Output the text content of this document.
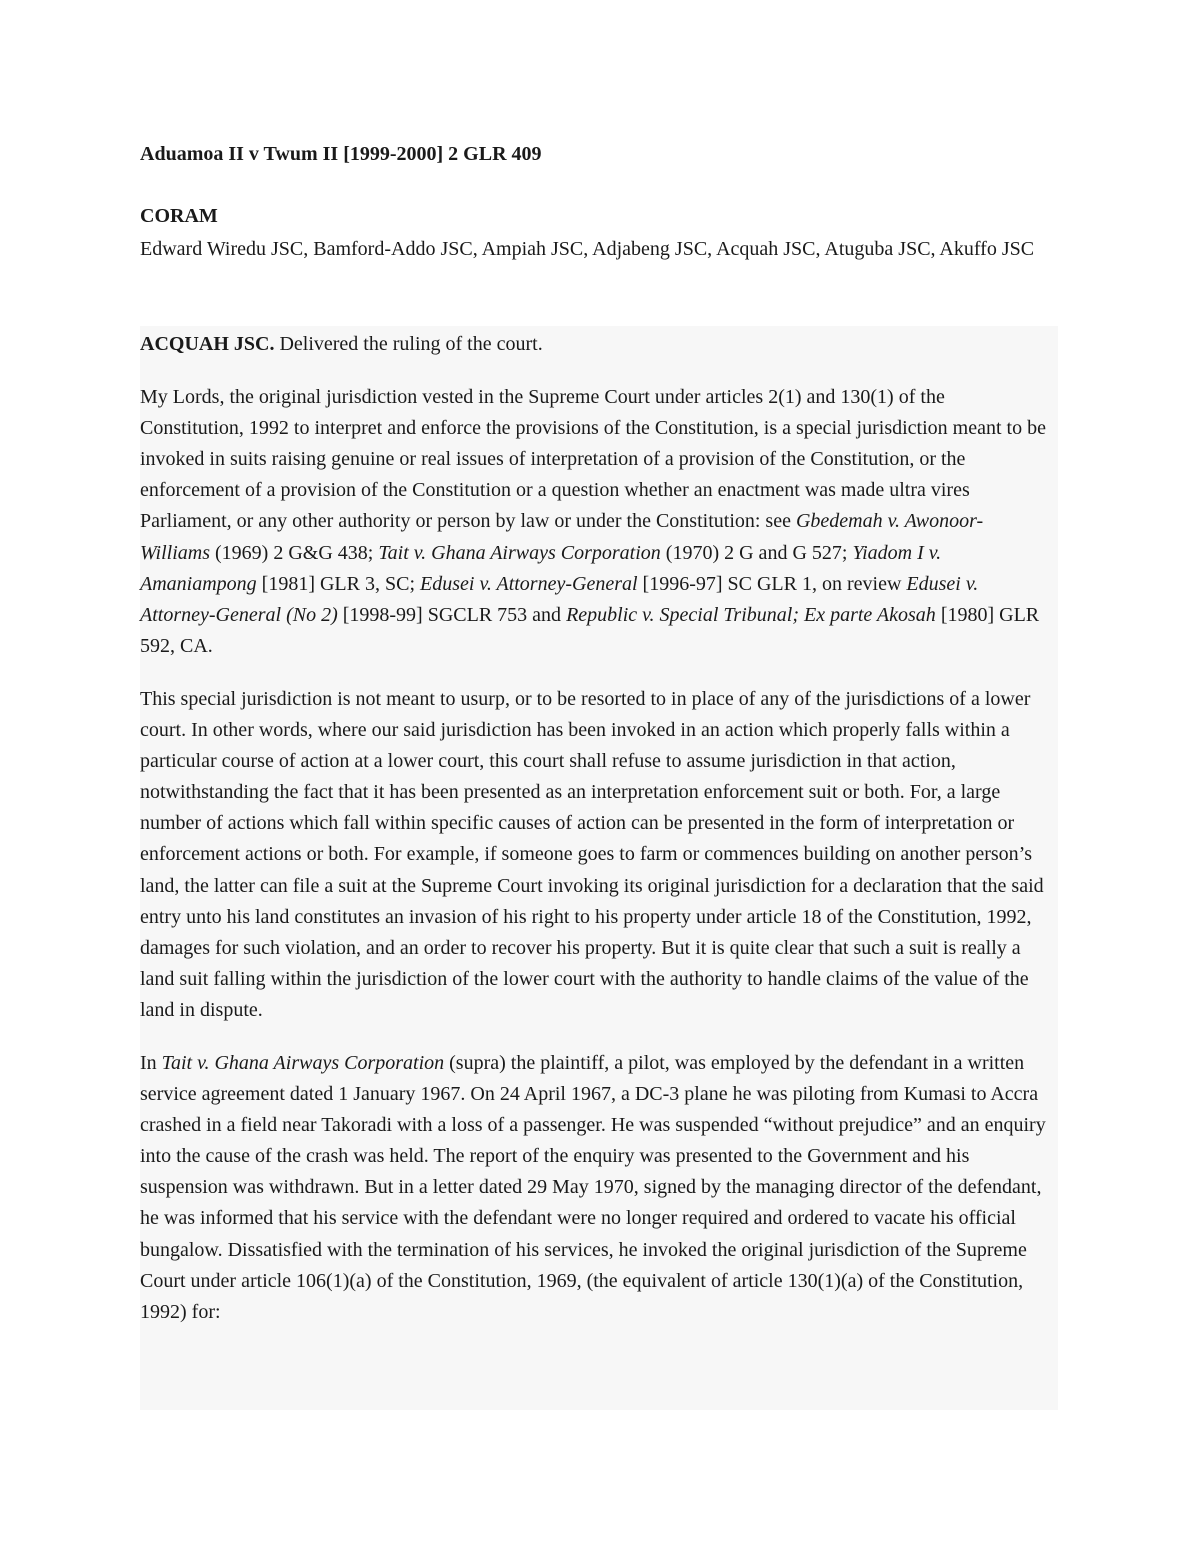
Aduamoa II v Twum II [1999-2000] 2 GLR 409
CORAM

Edward Wiredu JSC, Bamford-Addo JSC, Ampiah JSC, Adjabeng JSC, Acquah JSC, Atuguba JSC, Akuffo JSC

ACQUAH JSC. Delivered the ruling of the court.

My Lords, the original jurisdiction vested in the Supreme Court under articles 2(1) and 130(1) of the Constitution, 1992 to interpret and enforce the provisions of the Constitution, is a special jurisdiction meant to be invoked in suits raising genuine or real issues of interpretation of a provision of the Constitution, or the enforcement of a provision of the Constitution or a question whether an enactment was made ultra vires Parliament, or any other authority or person by law or under the Constitution: see Gbedemah v. Awonoor-Williams (1969) 2 G&G 438; Tait v. Ghana Airways Corporation (1970) 2 G and G 527; Yiadom I v. Amaniampong [1981] GLR 3, SC; Edusei v. Attorney-General [1996-97] SC GLR 1, on review Edusei v. Attorney-General (No 2) [1998-99] SGCLR 753 and Republic v. Special Tribunal; Ex parte Akosah [1980] GLR 592, CA.

This special jurisdiction is not meant to usurp, or to be resorted to in place of any of the jurisdictions of a lower court. In other words, where our said jurisdiction has been invoked in an action which properly falls within a particular course of action at a lower court, this court shall refuse to assume jurisdiction in that action, notwithstanding the fact that it has been presented as an interpretation enforcement suit or both. For, a large number of actions which fall within specific causes of action can be presented in the form of interpretation or enforcement actions or both. For example, if someone goes to farm or commences building on another person’s land, the latter can file a suit at the Supreme Court invoking its original jurisdiction for a declaration that the said entry unto his land constitutes an invasion of his right to his property under article 18 of the Constitution, 1992, damages for such violation, and an order to recover his property. But it is quite clear that such a suit is really a land suit falling within the jurisdiction of the lower court with the authority to handle claims of the value of the land in dispute.

In Tait v. Ghana Airways Corporation (supra) the plaintiff, a pilot, was employed by the defendant in a written service agreement dated 1 January 1967. On 24 April 1967, a DC-3 plane he was piloting from Kumasi to Accra crashed in a field near Takoradi with a loss of a passenger. He was suspended “without prejudice” and an enquiry into the cause of the crash was held. The report of the enquiry was presented to the Government and his suspension was withdrawn. But in a letter dated 29 May 1970, signed by the managing director of the defendant, he was informed that his service with the defendant were no longer required and ordered to vacate his official bungalow. Dissatisfied with the termination of his services, he invoked the original jurisdiction of the Supreme Court under article 106(1)(a) of the Constitution, 1969, (the equivalent of article 130(1)(a) of the Constitution, 1992) for:
